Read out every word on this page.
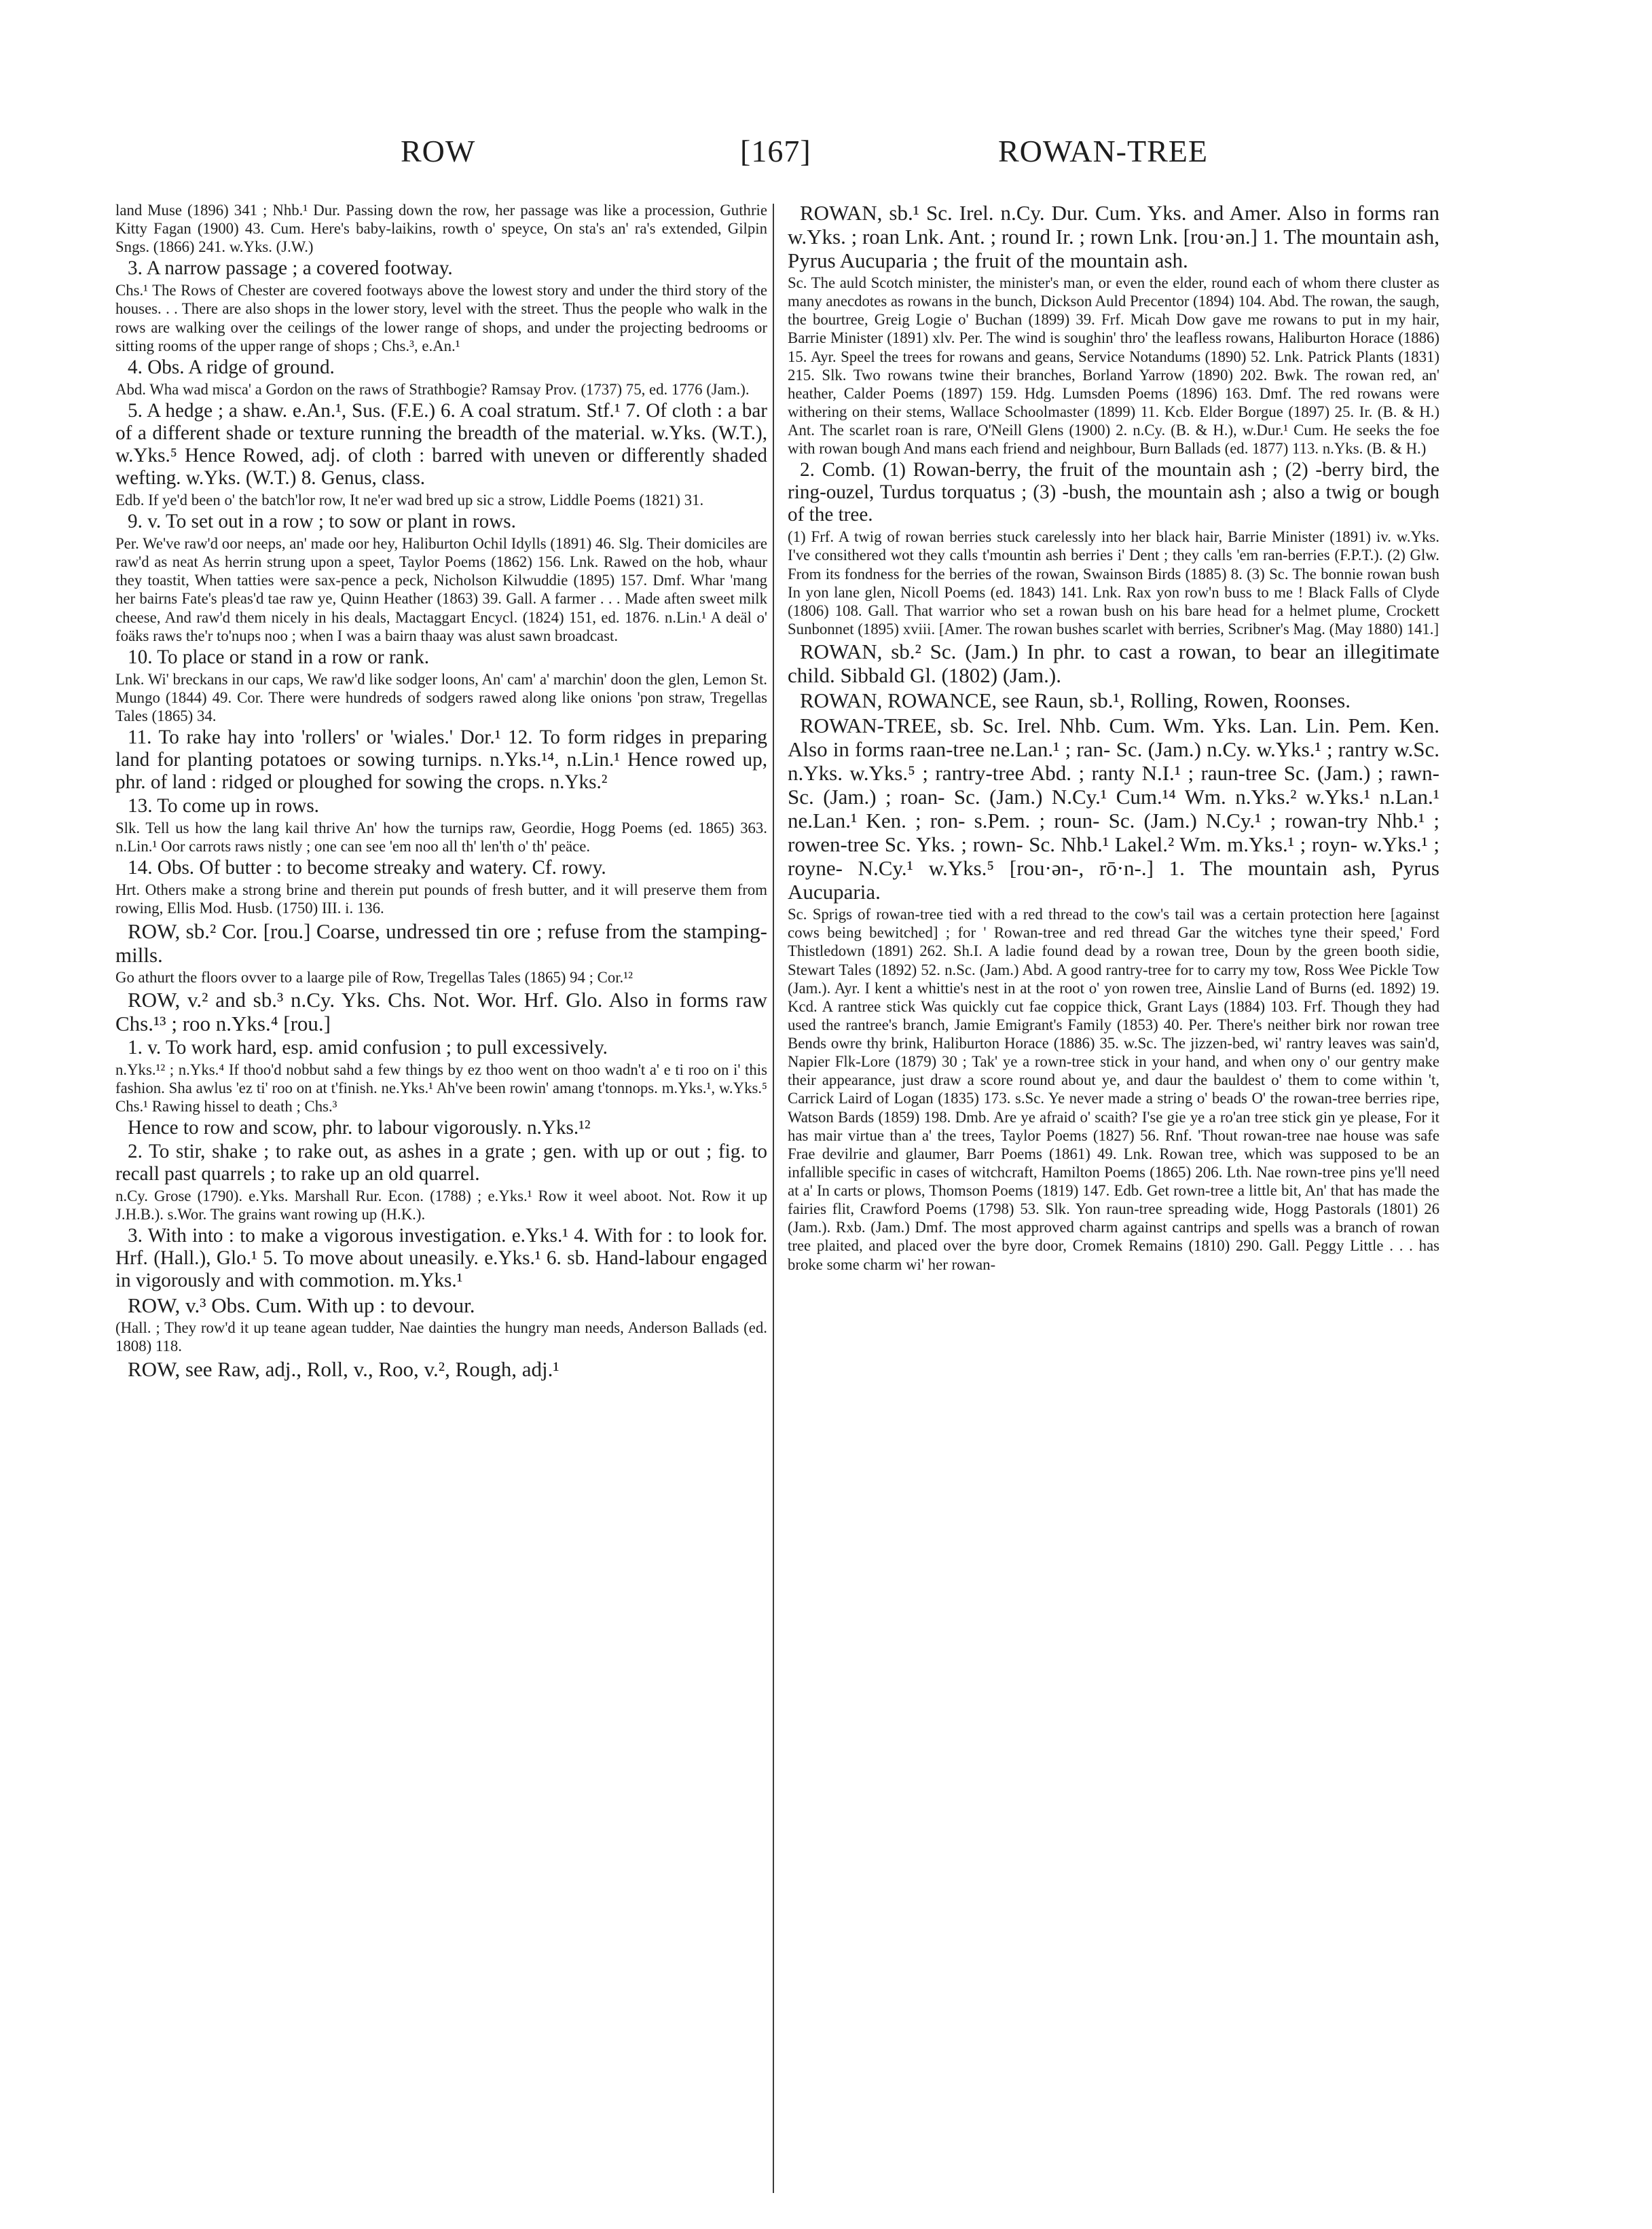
ROW	[167]	ROWAN-TREE

land Muse (1896) 341 ; Nhb.¹ Dur. Passing down the row, her passage was like a procession, Guthrie Kitty Fagan (1900) 43. Cum. Here's baby-laikins, rowth o' speyce, On sta's an' ra's extended, Gilpin Sngs. (1866) 241. w.Yks. (J.W.)

3. A narrow passage ; a covered footway.

Chs.¹ The Rows of Chester are covered footways above the lowest story and under the third story of the houses. . . There are also shops in the lower story, level with the street. Thus the people who walk in the rows are walking over the ceilings of the lower range of shops, and under the projecting bedrooms or sitting rooms of the upper range of shops ; Chs.³, e.An.¹

4. Obs. A ridge of ground.

Abd. Wha wad misca' a Gordon on the raws of Strathbogie? Ramsay Prov. (1737) 75, ed. 1776 (Jam.).

5. A hedge ; a shaw. e.An.¹, Sus. (F.E.) 6. A coal stratum. Stf.¹ 7. Of cloth : a bar of a different shade or texture running the breadth of the material. w.Yks. (W.T.), w.Yks.⁵ Hence Rowed, adj. of cloth : barred with uneven or differently shaded wefting. w.Yks. (W.T.) 8. Genus, class.

Edb. If ye'd been o' the batch'lor row, It ne'er wad bred up sic a strow, Liddle Poems (1821) 31.

9. v. To set out in a row ; to sow or plant in rows.

Per. We've raw'd oor neeps, an' made oor hey, Haliburton Ochil Idylls (1891) 46. Slg. Their domiciles are raw'd as neat As herrin strung upon a speet, Taylor Poems (1862) 156. Lnk. Rawed on the hob, whaur they toastit, When tatties were sax-pence a peck, Nicholson Kilwuddie (1895) 157. Dmf. Whar 'mang her bairns Fate's pleas'd tae raw ye, Quinn Heather (1863) 39. Gall. A farmer . . . Made aften sweet milk cheese, And raw'd them nicely in his deals, Mactaggart Encycl. (1824) 151, ed. 1876. n.Lin.¹ A deäl o' foäks raws the'r to'nups noo ; when I was a bairn thaay was alust sawn broadcast.

10. To place or stand in a row or rank.

Lnk. Wi' breckans in our caps, We raw'd like sodger loons, An' cam' a' marchin' doon the glen, Lemon St. Mungo (1844) 49. Cor. There were hundreds of sodgers rawed along like onions 'pon straw, Tregellas Tales (1865) 34.

11. To rake hay into 'rollers' or 'wiales.' Dor.¹ 12. To form ridges in preparing land for planting potatoes or sowing turnips. n.Yks.¹⁴, n.Lin.¹ Hence rowed up, phr. of land : ridged or ploughed for sowing the crops. n.Yks.²

13. To come up in rows.

Slk. Tell us how the lang kail thrive An' how the turnips raw, Geordie, Hogg Poems (ed. 1865) 363. n.Lin.¹ Oor carrots raws nistly ; one can see 'em noo all th' len'th o' th' peäce.

14. Obs. Of butter : to become streaky and watery. Cf. rowy.

Hrt. Others make a strong brine and therein put pounds of fresh butter, and it will preserve them from rowing, Ellis Mod. Husb. (1750) III. i. 136.

ROW, sb.² Cor. [rou.] Coarse, undressed tin ore ; refuse from the stamping-mills.

Go athurt the floors ovver to a laarge pile of Row, Tregellas Tales (1865) 94 ; Cor.¹²

ROW, v.² and sb.³ n.Cy. Yks. Chs. Not. Wor. Hrf. Glo. Also in forms raw Chs.¹³ ; roo n.Yks.⁴ [rou.]

1. v. To work hard, esp. amid confusion ; to pull excessively.

n.Yks.¹² ; n.Yks.⁴ If thoo'd nobbut sahd a few things by ez thoo went on thoo wadn't a' e ti roo on i' this fashion. Sha awlus 'ez ti' roo on at t'finish. ne.Yks.¹ Ah've been rowin' amang t'tonnops. m.Yks.¹, w.Yks.⁵ Chs.¹ Rawing hissel to death ; Chs.³

Hence to row and scow, phr. to labour vigorously. n.Yks.¹²

2. To stir, shake ; to rake out, as ashes in a grate ; gen. with up or out ; fig. to recall past quarrels ; to rake up an old quarrel.

n.Cy. Grose (1790). e.Yks. Marshall Rur. Econ. (1788) ; e.Yks.¹ Row it weel aboot. Not. Row it up J.H.B.). s.Wor. The grains want rowing up (H.K.).

3. With into : to make a vigorous investigation. e.Yks.¹ 4. With for : to look for. Hrf. (Hall.), Glo.¹ 5. To move about uneasily. e.Yks.¹ 6. sb. Hand-labour engaged in vigorously and with commotion. m.Yks.¹

ROW, v.³ Obs. Cum. With up : to devour.

(Hall. ; They row'd it up teane agean tudder, Nae dainties the hungry man needs, Anderson Ballads (ed. 1808) 118.

ROW, see Raw, adj., Roll, v., Roo, v.², Rough, adj.¹

ROWAN, sb.¹ Sc. Irel. n.Cy. Dur. Cum. Yks. and Amer. Also in forms ran w.Yks. ; roan Lnk. Ant. ; round Ir. ; rown Lnk. [rou·ən.] 1. The mountain ash, Pyrus Aucuparia ; the fruit of the mountain ash.

Sc. The auld Scotch minister, the minister's man, or even the elder, round each of whom there cluster as many anecdotes as rowans in the bunch, Dickson Auld Precentor (1894) 104. Abd. The rowan, the saugh, the bourtree, Greig Logie o' Buchan (1899) 39. Frf. Micah Dow gave me rowans to put in my hair, Barrie Minister (1891) xlv. Per. The wind is soughin' thro' the leafless rowans, Haliburton Horace (1886) 15. Ayr. Speel the trees for rowans and geans, Service Notandums (1890) 52. Lnk. Patrick Plants (1831) 215. Slk. Two rowans twine their branches, Borland Yarrow (1890) 202. Bwk. The rowan red, an' heather, Calder Poems (1897) 159. Hdg. Lumsden Poems (1896) 163. Dmf. The red rowans were withering on their stems, Wallace Schoolmaster (1899) 11. Kcb. Elder Borgue (1897) 25. Ir. (B. & H.) Ant. The scarlet roan is rare, O'Neill Glens (1900) 2. n.Cy. (B. & H.), w.Dur.¹ Cum. He seeks the foe with rowan bough And mans each friend and neighbour, Burn Ballads (ed. 1877) 113. n.Yks. (B. & H.)

2. Comb. (1) Rowan-berry, the fruit of the mountain ash ; (2) -berry bird, the ring-ouzel, Turdus torquatus ; (3) -bush, the mountain ash ; also a twig or bough of the tree.

(1) Frf. A twig of rowan berries stuck carelessly into her black hair, Barrie Minister (1891) iv. w.Yks. I've consithered wot they calls t'mountin ash berries i' Dent ; they calls 'em ran-berries (F.P.T.). (2) Glw. From its fondness for the berries of the rowan, Swainson Birds (1885) 8. (3) Sc. The bonnie rowan bush In yon lane glen, Nicoll Poems (ed. 1843) 141. Lnk. Rax yon row'n buss to me ! Black Falls of Clyde (1806) 108. Gall. That warrior who set a rowan bush on his bare head for a helmet plume, Crockett Sunbonnet (1895) xviii. [Amer. The rowan bushes scarlet with berries, Scribner's Mag. (May 1880) 141.]

ROWAN, sb.² Sc. (Jam.) In phr. to cast a rowan, to bear an illegitimate child. Sibbald Gl. (1802) (Jam.).

ROWAN, ROWANCE, see Raun, sb.¹, Rolling, Rowen, Roonses.

ROWAN-TREE, sb. Sc. Irel. Nhb. Cum. Wm. Yks. Lan. Lin. Pem. Ken. Also in forms raan-tree ne.Lan.¹ ; ran- Sc. (Jam.) n.Cy. w.Yks.¹ ; rantry w.Sc. n.Yks. w.Yks.⁵ ; rantry-tree Abd. ; ranty N.I.¹ ; raun-tree Sc. (Jam.) ; rawn- Sc. (Jam.) ; roan- Sc. (Jam.) N.Cy.¹ Cum.¹⁴ Wm. n.Yks.² w.Yks.¹ n.Lan.¹ ne.Lan.¹ Ken. ; ron- s.Pem. ; roun- Sc. (Jam.) N.Cy.¹ ; rowan-try Nhb.¹ ; rowen-tree Sc. Yks. ; rown- Sc. Nhb.¹ Lakel.² Wm. m.Yks.¹ ; royn- w.Yks.¹ ; royne- N.Cy.¹ w.Yks.⁵ [rou·ən-, rō·n-.] 1. The mountain ash, Pyrus Aucuparia.

Sc. Sprigs of rowan-tree tied with a red thread to the cow's tail was a certain protection here [against cows being bewitched] ; for ' Rowan-tree and red thread Gar the witches tyne their speed,' Ford Thistledown (1891) 262. Sh.I. A ladie found dead by a rowan tree, Doun by the green booth sidie, Stewart Tales (1892) 52. n.Sc. (Jam.) Abd. A good rantry-tree for to carry my tow, Ross Wee Pickle Tow (Jam.). Ayr. I kent a whittie's nest in at the root o' yon rowen tree, Ainslie Land of Burns (ed. 1892) 19. Kcd. A rantree stick Was quickly cut fae coppice thick, Grant Lays (1884) 103. Frf. Though they had used the rantree's branch, Jamie Emigrant's Family (1853) 40. Per. There's neither birk nor rowan tree Bends owre thy brink, Haliburton Horace (1886) 35. w.Sc. The jizzen-bed, wi' rantry leaves was sain'd, Napier Flk-Lore (1879) 30 ; Tak' ye a rown-tree stick in your hand, and when ony o' our gentry make their appearance, just draw a score round about ye, and daur the bauldest o' them to come within 't, Carrick Laird of Logan (1835) 173. s.Sc. Ye never made a string o' beads O' the rowan-tree berries ripe, Watson Bards (1859) 198. Dmb. Are ye afraid o' scaith? I'se gie ye a ro'an tree stick gin ye please, For it has mair virtue than a' the trees, Taylor Poems (1827) 56. Rnf. 'Thout rowan-tree nae house was safe Frae devilrie and glaumer, Barr Poems (1861) 49. Lnk. Rowan tree, which was supposed to be an infallible specific in cases of witchcraft, Hamilton Poems (1865) 206. Lth. Nae rown-tree pins ye'll need at a' In carts or plows, Thomson Poems (1819) 147. Edb. Get rown-tree a little bit, An' that has made the fairies flit, Crawford Poems (1798) 53. Slk. Yon raun-tree spreading wide, Hogg Pastorals (1801) 26 (Jam.). Rxb. (Jam.) Dmf. The most approved charm against cantrips and spells was a branch of rowan tree plaited, and placed over the byre door, Cromek Remains (1810) 290. Gall. Peggy Little . . . has broke some charm wi' her rowan-
